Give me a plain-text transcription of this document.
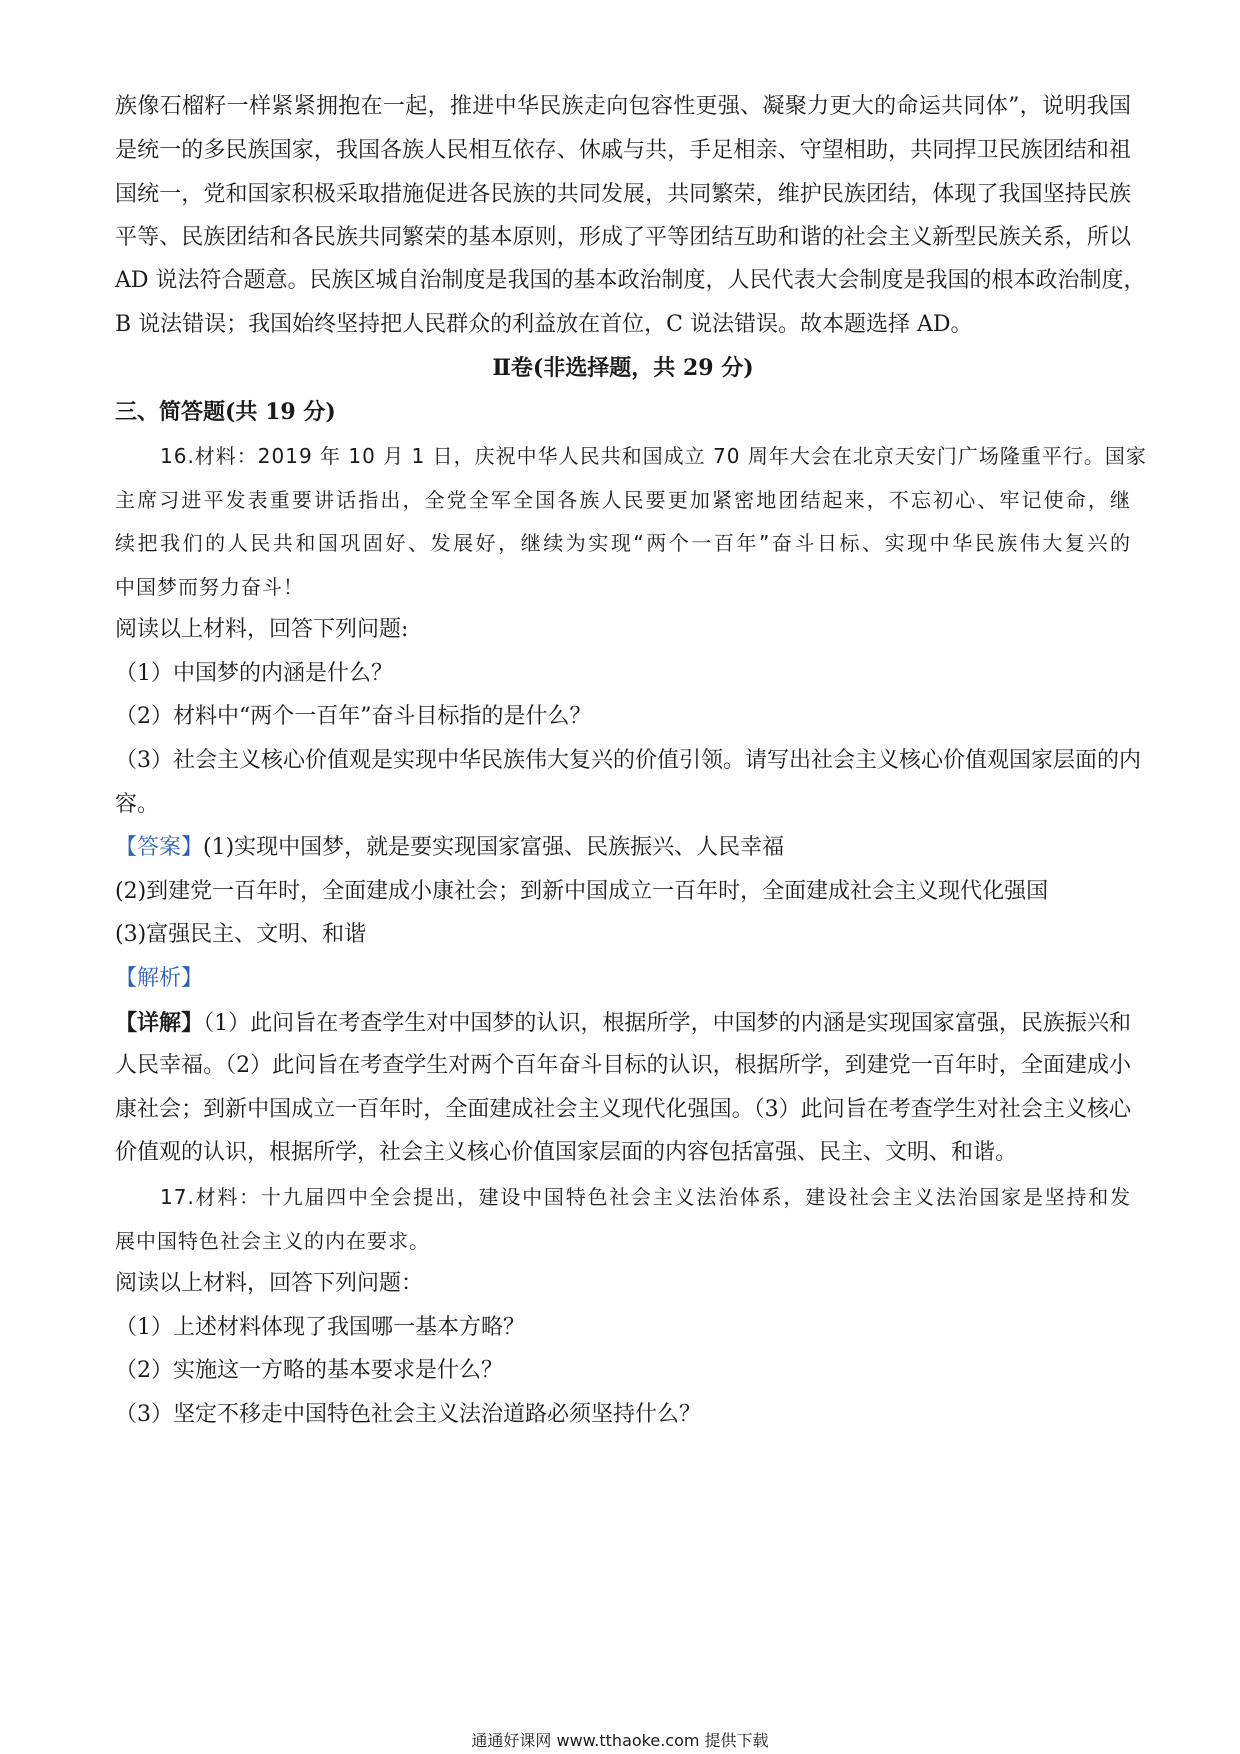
族像石榴籽一样紧紧拥抱在一起，推进中华民族走向包容性更强、凝聚力更大的命运共同体”，说明我国
是统一的多民族国家，我国各族人民相互依存、休戚与共，手足相亲、守望相助，共同捍卫民族团结和祖
国统一，党和国家积极采取措施促进各民族的共同发展，共同繁荣，维护民族团结，体现了我国坚持民族
平等、民族团结和各民族共同繁荣的基本原则，形成了平等团结互助和谐的社会主义新型民族关系，所以
AD 说法符合题意。民族区城自治制度是我国的基本政治制度，人民代表大会制度是我国的根本政治制度，
B 说法错误；我国始终坚持把人民群众的利益放在首位，C 说法错误。故本题选择 AD。
Ⅱ卷(非选择题，共 29 分)
三、简答题(共 19 分)
16.材料：2019 年 10 月 1 日，庆祝中华人民共和国成立 70 周年大会在北京天安门广场隆重平行。国家
主席习进平发表重要讲话指出，全党全军全国各族人民要更加紧密地团结起来，不忘初心、牢记使命，继
续把我们的人民共和国巩固好、发展好，继续为实现“两个一百年”奋斗日标、实现中华民族伟大复兴的
中国梦而努力奋斗！
阅读以上材料，回答下列问题:
（1）中国梦的内涵是什么？
（2）材料中“两个一百年”奋斗目标指的是什么？
（3）社会主义核心价值观是实现中华民族伟大复兴的价值引领。请写出社会主义核心价值观国家层面的内
容。
【答案】(1)实现中国梦，就是要实现国家富强、民族振兴、人民幸福
(2)到建党一百年时，全面建成小康社会；到新中国成立一百年时，全面建成社会主义现代化强国
(3)富强民主、文明、和谐
【解析】
【详解】（1）此问旨在考查学生对中国梦的认识，根据所学，中国梦的内涵是实现国家富强，民族振兴和
人民幸福。（2）此问旨在考查学生对两个百年奋斗目标的认识，根据所学，到建党一百年时，全面建成小
康社会；到新中国成立一百年时，全面建成社会主义现代化强国。（3）此问旨在考查学生对社会主义核心
价值观的认识，根据所学，社会主义核心价值国家层面的内容包括富强、民主、文明、和谐。
17.材料：十九届四中全会提出，建设中国特色社会主义法治体系，建设社会主义法治国家是坚持和发
展中国特色社会主义的内在要求。
阅读以上材料，回答下列问题：
（1）上述材料体现了我国哪一基本方略？
（2）实施这一方略的基本要求是什么？
（3）坚定不移走中国特色社会主义法治道路必须坚持什么？
通通好课网 www.tthaoke.com 提供下载
